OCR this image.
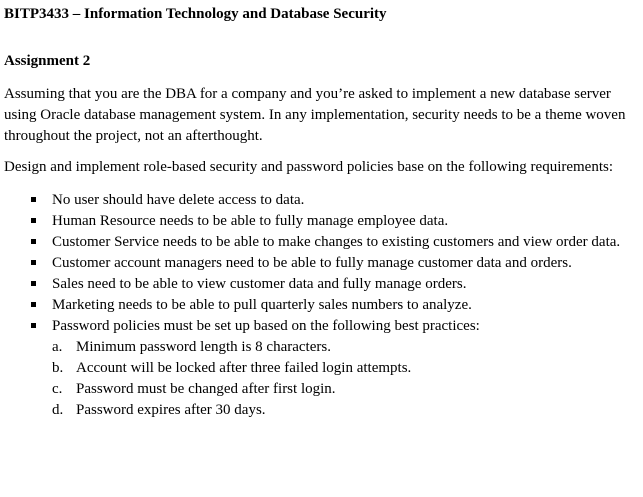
BITP3433 – Information Technology and Database Security
Assignment 2

Assuming that you are the DBA for a company and you’re asked to implement a new database server using Oracle database management system. In any implementation, security needs to be a theme woven throughout the project, not an afterthought.

Design and implement role-based security and password policies base on the following requirements:

No user should have delete access to data.
Human Resource needs to be able to fully manage employee data.
Customer Service needs to be able to make changes to existing customers and view order data.
Customer account managers need to be able to fully manage customer data and orders.
Sales need to be able to view customer data and fully manage orders.
Marketing needs to be able to pull quarterly sales numbers to analyze.
Password policies must be set up based on the following best practices:
a. Minimum password length is 8 characters.
b. Account will be locked after three failed login attempts.
c. Password must be changed after first login.
d. Password expires after 30 days.
